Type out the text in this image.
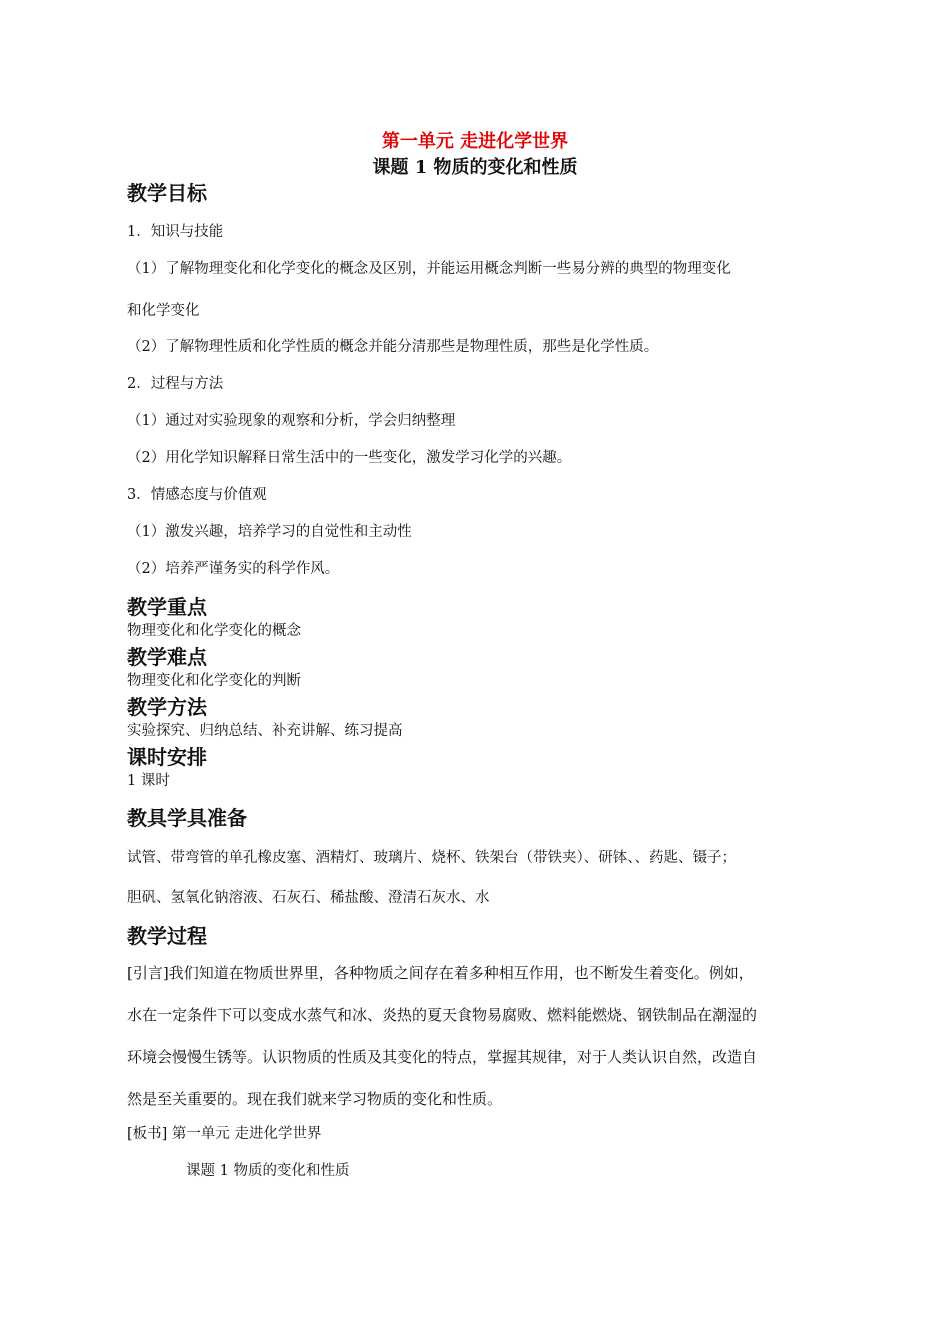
第一单元 走进化学世界
课题 1 物质的变化和性质
教学目标
1．知识与技能
（1）了解物理变化和化学变化的概念及区别，并能运用概念判断一些易分辨的典型的物理变化
和化学变化
（2）了解物理性质和化学性质的概念并能分清那些是物理性质，那些是化学性质。
2．过程与方法
（1）通过对实验现象的观察和分析，学会归纳整理
（2）用化学知识解释日常生活中的一些变化，激发学习化学的兴趣。
3．情感态度与价值观
（1）激发兴趣，培养学习的自觉性和主动性
（2）培养严谨务实的科学作风。
教学重点
物理变化和化学变化的概念
教学难点
物理变化和化学变化的判断
教学方法
实验探究、归纳总结、补充讲解、练习提高
课时安排
1 课时
教具学具准备
试管、带弯管的单孔橡皮塞、酒精灯、玻璃片、烧杯、铁架台（带铁夹）、研钵、、药匙、镊子；
胆矾、氢氧化钠溶液、石灰石、稀盐酸、澄清石灰水、水
教学过程
[引言]我们知道在物质世界里，各种物质之间存在着多种相互作用，也不断发生着变化。例如，
水在一定条件下可以变成水蒸气和冰、炎热的夏天食物易腐败、燃料能燃烧、钢铁制品在潮湿的
环境会慢慢生锈等。认识物质的性质及其变化的特点，掌握其规律，对于人类认识自然，改造自
然是至关重要的。现在我们就来学习物质的变化和性质。
[板书] 第一单元 走进化学世界
课题 1 物质的变化和性质
